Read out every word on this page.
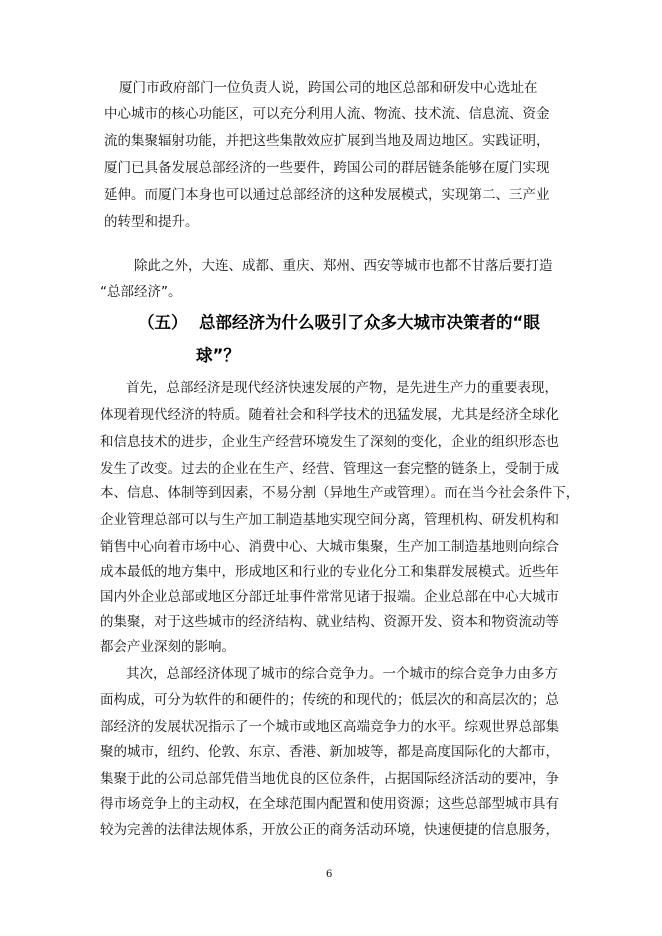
厦门市政府部门一位负责人说，跨国公司的地区总部和研发中心选址在
中心城市的核心功能区，可以充分利用人流、物流、技术流、信息流、资金
流的集聚辐射功能，并把这些集散效应扩展到当地及周边地区。实践证明，
厦门已具备发展总部经济的一些要件，跨国公司的群居链条能够在厦门实现
延伸。而厦门本身也可以通过总部经济的这种发展模式，实现第二、三产业
的转型和提升。
除此之外，大连、成都、重庆、郑州、西安等城市也都不甘落后要打造
“总部经济”。
（五） 总部经济为什么吸引了众多大城市决策者的“眼
球”？
首先，总部经济是现代经济快速发展的产物，是先进生产力的重要表现，
体现着现代经济的特质。随着社会和科学技术的迅猛发展，尤其是经济全球化
和信息技术的进步，企业生产经营环境发生了深刻的变化，企业的组织形态也
发生了改变。过去的企业在生产、经营、管理这一套完整的链条上，受制于成
本、信息、体制等到因素，不易分割（异地生产或管理）。而在当今社会条件下，
企业管理总部可以与生产加工制造基地实现空间分离，管理机构、研发机构和
销售中心向着市场中心、消费中心、大城市集聚，生产加工制造基地则向综合
成本最低的地方集中，形成地区和行业的专业化分工和集群发展模式。近些年
国内外企业总部或地区分部迁址事件常常见诸于报端。企业总部在中心大城市
的集聚，对于这些城市的经济结构、就业结构、资源开发、资本和物资流动等
都会产业深刻的影响。
其次，总部经济体现了城市的综合竞争力。一个城市的综合竞争力由多方
面构成，可分为软件的和硬件的；传统的和现代的；低层次的和高层次的；总
部经济的发展状况指示了一个城市或地区高端竞争力的水平。综观世界总部集
聚的城市，纽约、伦敦、东京、香港、新加坡等，都是高度国际化的大都市，
集聚于此的公司总部凭借当地优良的区位条件，占据国际经济活动的要冲，争
得市场竞争上的主动权，在全球范围内配置和使用资源；这些总部型城市具有
较为完善的法律法规体系，开放公正的商务活动环境，快速便捷的信息服务，
6
